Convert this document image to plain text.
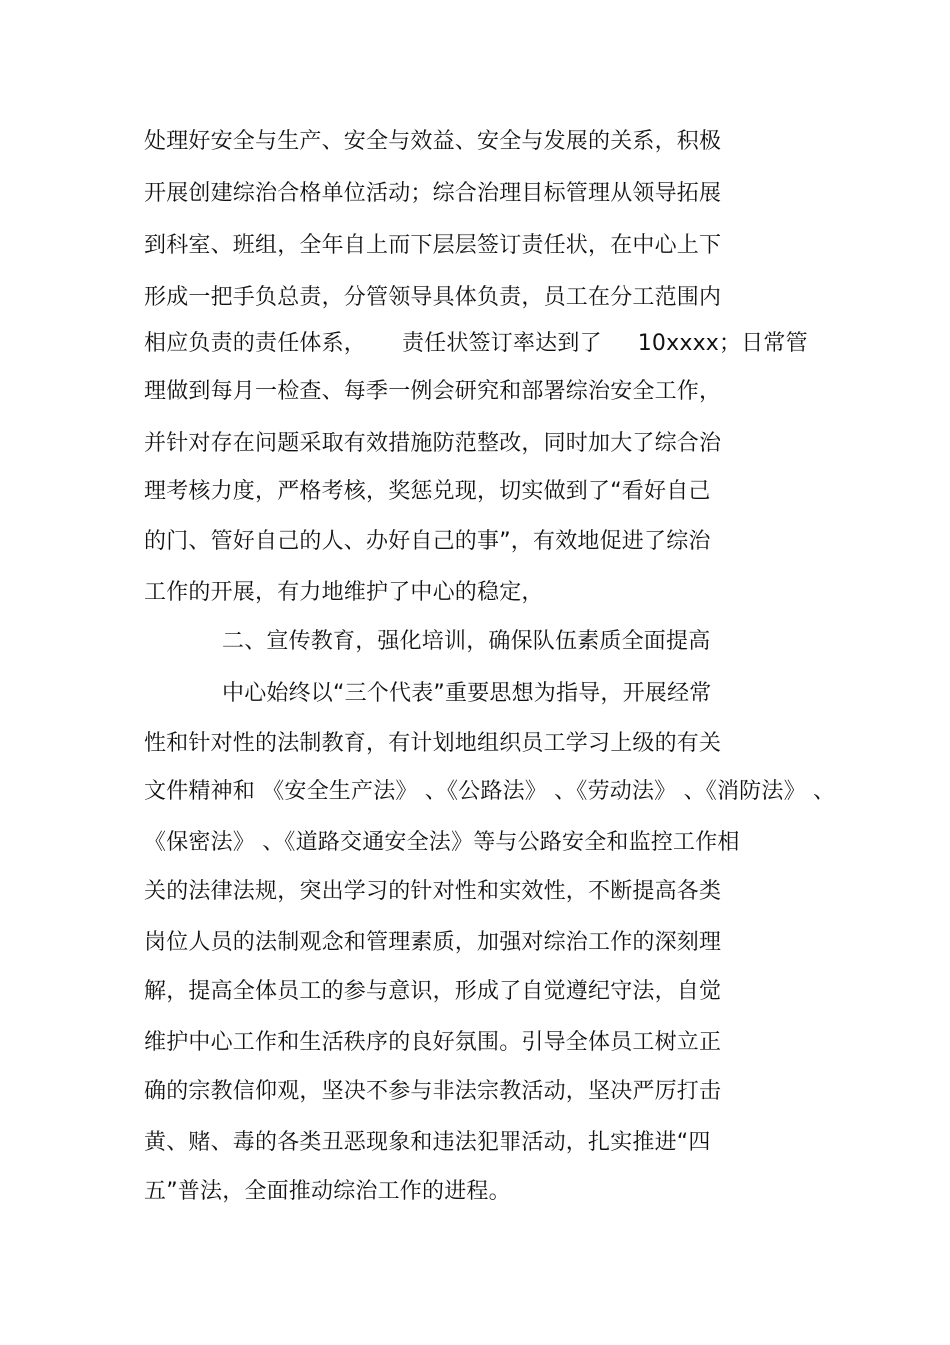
处理好安全与生产、安全与效益、安全与发展的关系，积极
开展创建综治合格单位活动；综合治理目标管理从领导拓展
到科室、班组，全年自上而下层层签订责任状，在中心上下
形成一把手负总责，分管领导具体负责，员工在分工范围内
相应负责的责任体系，     责任状签订率达到了     10xxxx；日常管
理做到每月一检查、每季一例会研究和部署综治安全工作，
并针对存在问题采取有效措施防范整改，同时加大了综合治
理考核力度，严格考核，奖惩兑现，切实做到了“看好自己
的门、管好自己的人、办好自己的事”，有效地促进了综治
工作的开展，有力地维护了中心的稳定，
二、宣传教育，强化培训，确保队伍素质全面提高
中心始终以“三个代表”重要思想为指导，开展经常
性和针对性的法制教育，有计划地组织员工学习上级的有关
文件精神和 《安全生产法》 、《公路法》 、《劳动法》 、《消防法》 、
《保密法》 、《道路交通安全法》等与公路安全和监控工作相
关的法律法规，突出学习的针对性和实效性，不断提高各类
岗位人员的法制观念和管理素质，加强对综治工作的深刻理
解，提高全体员工的参与意识，形成了自觉遵纪守法，自觉
维护中心工作和生活秩序的良好氛围。引导全体员工树立正
确的宗教信仰观，坚决不参与非法宗教活动，坚决严厉打击
黄、赌、毒的各类丑恶现象和违法犯罪活动，扎实推进“四
五”普法，全面推动综治工作的进程。
